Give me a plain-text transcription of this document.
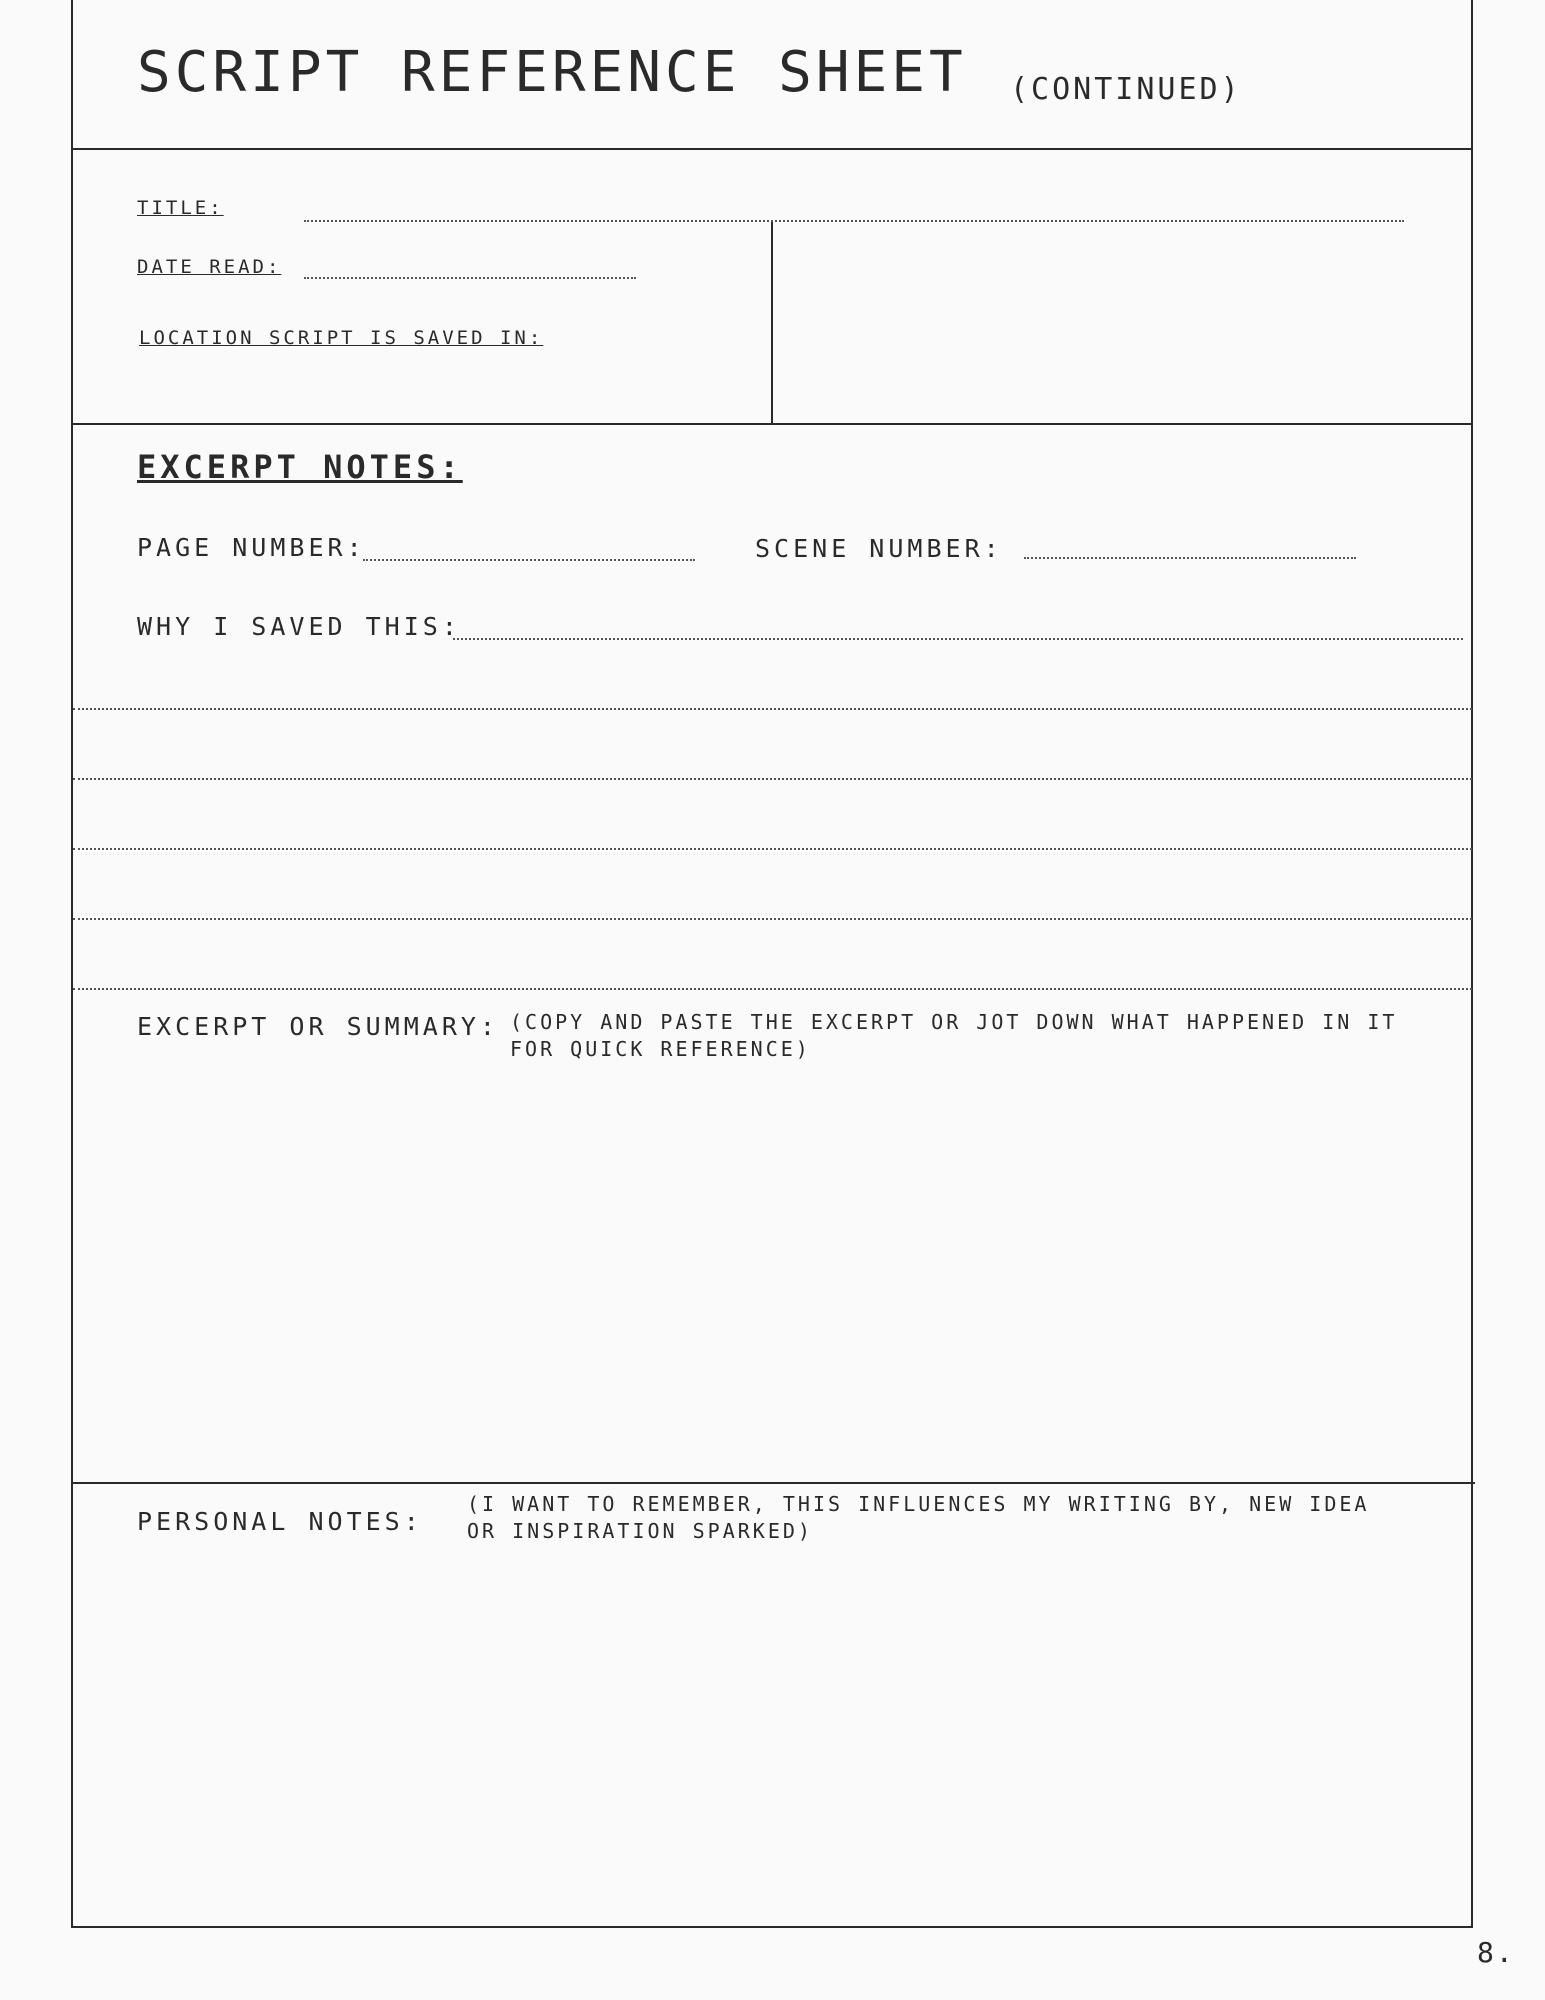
SCRIPT REFERENCE SHEET (CONTINUED)
TITLE:
DATE READ:
LOCATION SCRIPT IS SAVED IN:
EXCERPT NOTES:
PAGE NUMBER:	SCENE NUMBER:
WHY I SAVED THIS:
EXCERPT OR SUMMARY: (COPY AND PASTE THE EXCERPT OR JOT DOWN WHAT HAPPENED IN IT
FOR QUICK REFERENCE)
PERSONAL NOTES:
(I WANT TO REMEMBER, THIS INFLUENCES MY WRITING BY, NEW IDEA
OR INSPIRATION SPARKED)
8.
